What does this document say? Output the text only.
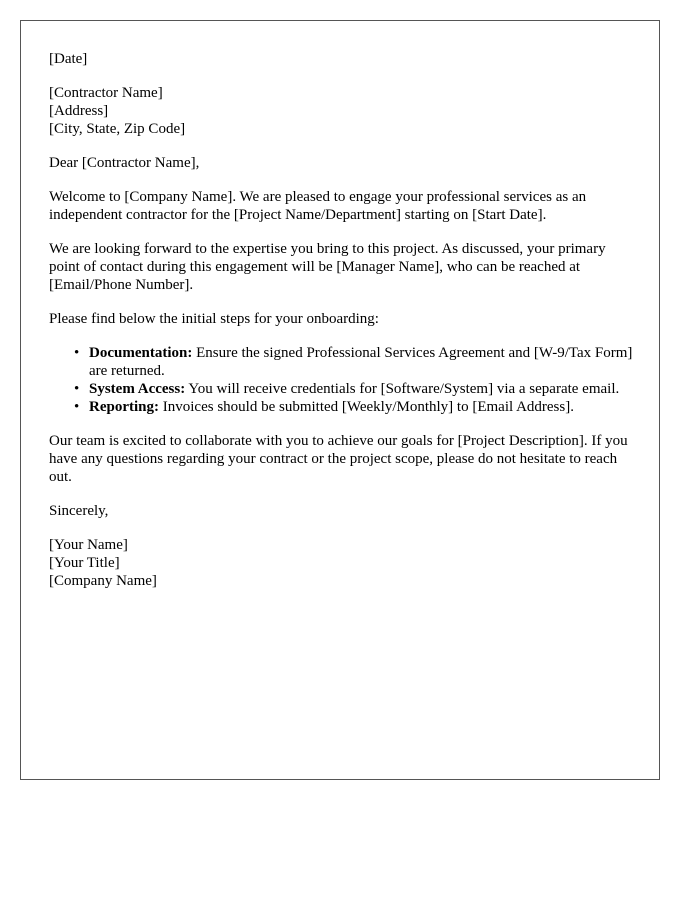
[Date]

[Contractor Name]
[Address]
[City, State, Zip Code]

Dear [Contractor Name],

Welcome to [Company Name]. We are pleased to engage your professional services as an independent contractor for the [Project Name/Department] starting on [Start Date].

We are looking forward to the expertise you bring to this project. As discussed, your primary point of contact during this engagement will be [Manager Name], who can be reached at [Email/Phone Number].

Please find below the initial steps for your onboarding:

• Documentation: Ensure the signed Professional Services Agreement and [W-9/Tax Form] are returned.
• System Access: You will receive credentials for [Software/System] via a separate email.
• Reporting: Invoices should be submitted [Weekly/Monthly] to [Email Address].

Our team is excited to collaborate with you to achieve our goals for [Project Description]. If you have any questions regarding your contract or the project scope, please do not hesitate to reach out.

Sincerely,

[Your Name]
[Your Title]
[Company Name]
